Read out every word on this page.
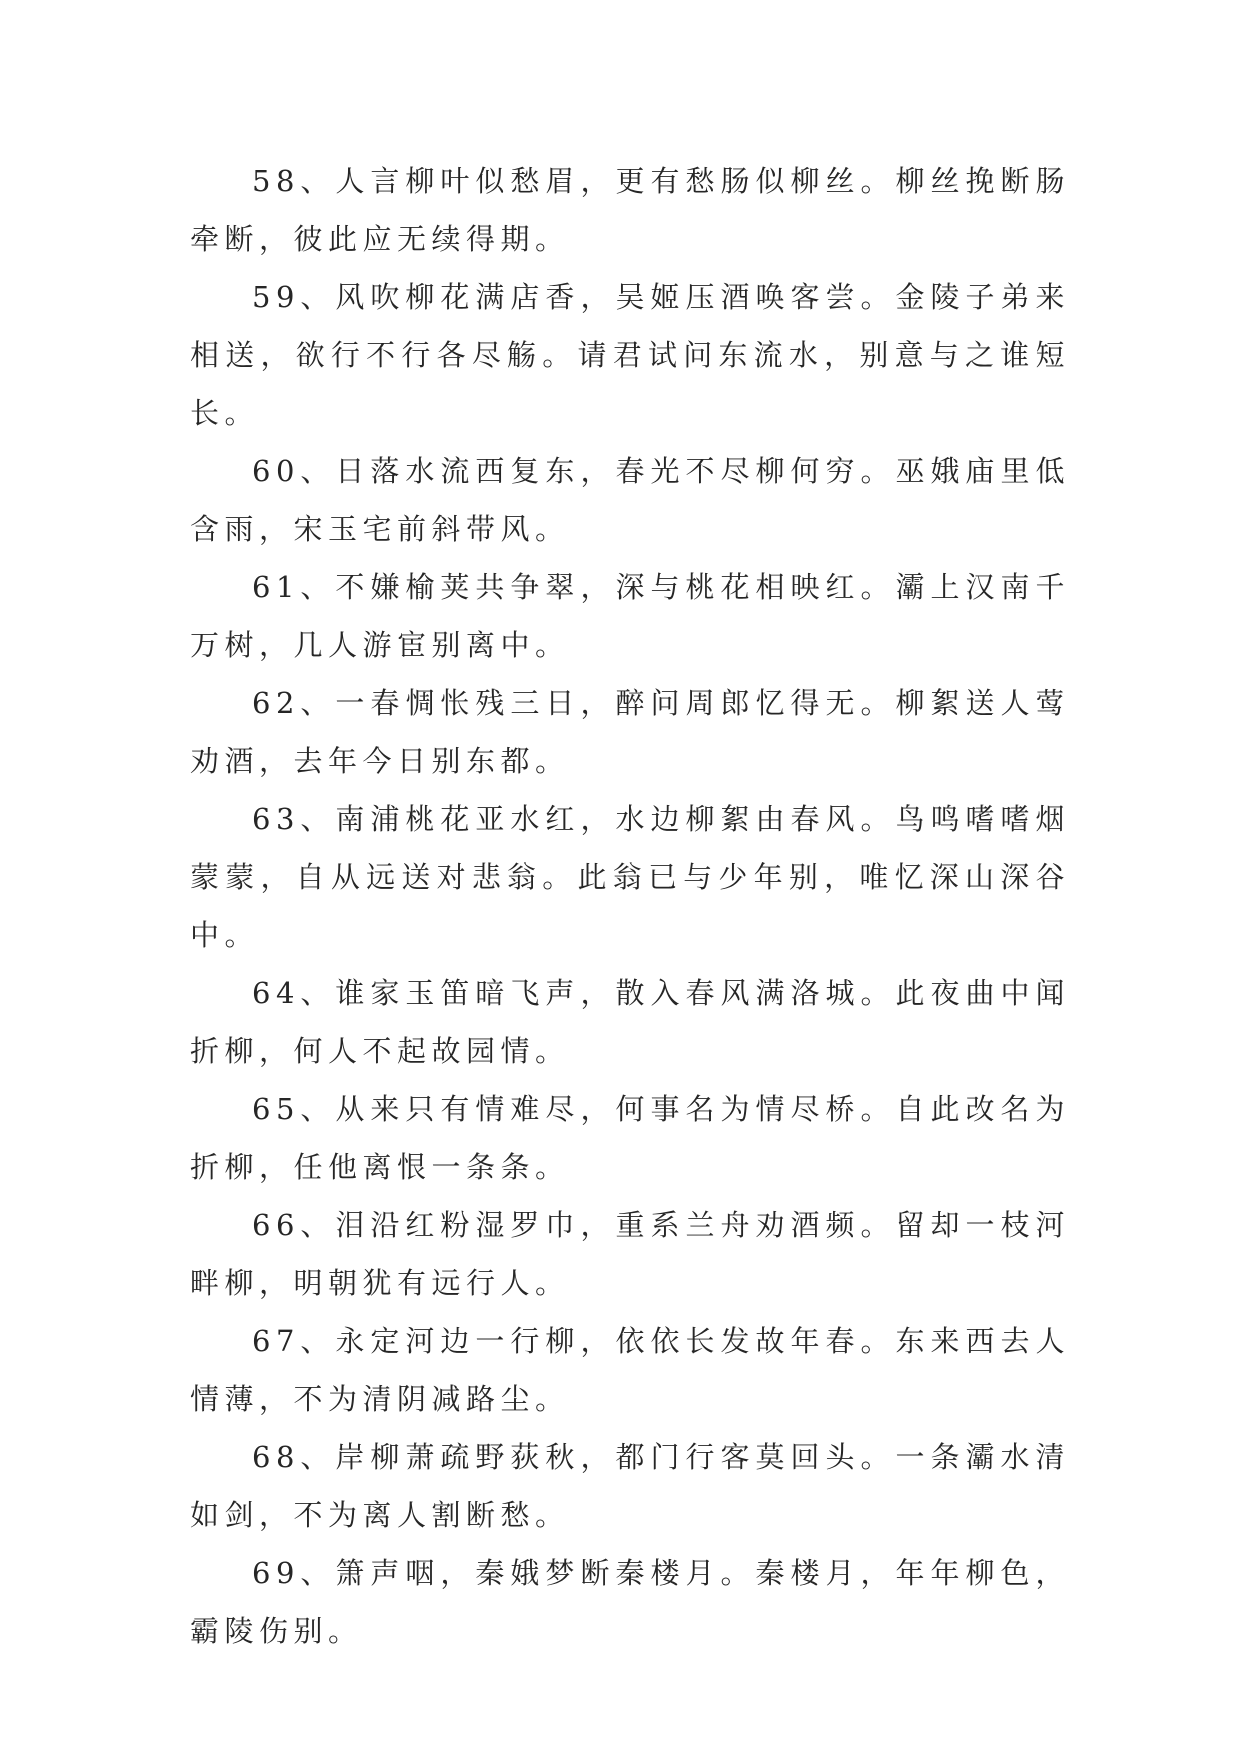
58、人言柳叶似愁眉，更有愁肠似柳丝。柳丝挽断肠牵断，彼此应无续得期。

59、风吹柳花满店香，吴姬压酒唤客尝。金陵子弟来相送，欲行不行各尽觞。请君试问东流水，别意与之谁短长。

60、日落水流西复东，春光不尽柳何穷。巫娥庙里低含雨，宋玉宅前斜带风。

61、不嫌榆荚共争翠，深与桃花相映红。灞上汉南千万树，几人游宦别离中。

62、一春惆怅残三日，醉问周郎忆得无。柳絮送人莺劝酒，去年今日别东都。

63、南浦桃花亚水红，水边柳絮由春风。鸟鸣嗜嗜烟蒙蒙，自从远送对悲翁。此翁已与少年别，唯忆深山深谷中。

64、谁家玉笛暗飞声，散入春风满洛城。此夜曲中闻折柳，何人不起故园情。

65、从来只有情难尽，何事名为情尽桥。自此改名为折柳，任他离恨一条条。

66、泪沿红粉湿罗巾，重系兰舟劝酒频。留却一枝河畔柳，明朝犹有远行人。

67、永定河边一行柳，依依长发故年春。东来西去人情薄，不为清阴减路尘。

68、岸柳萧疏野荻秋，都门行客莫回头。一条灞水清如剑，不为离人割断愁。

69、箫声咽，秦娥梦断秦楼月。秦楼月，年年柳色，霸陵伤别。
